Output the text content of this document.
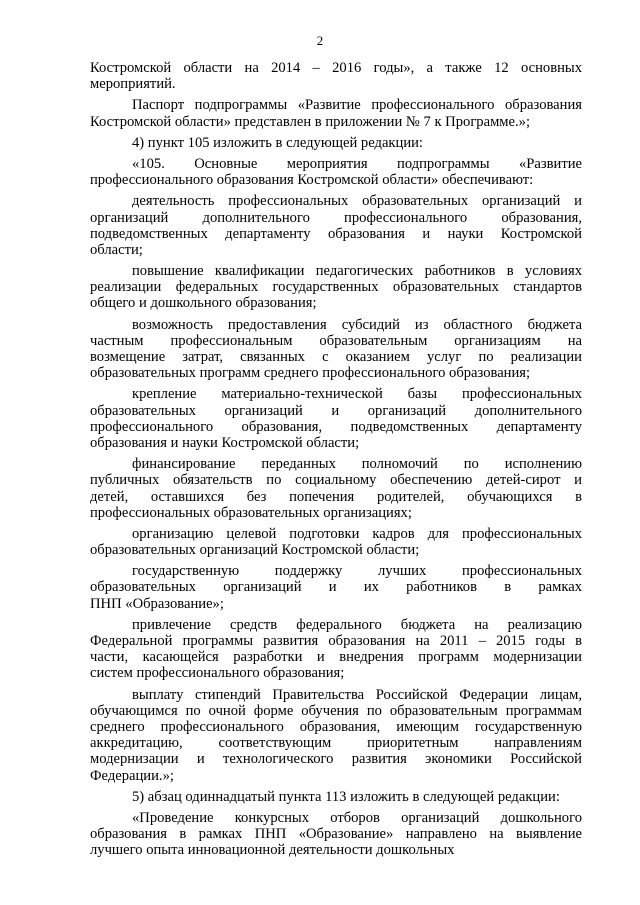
2
Костромской области на 2014 – 2016 годы», а также 12 основных
мероприятий.
Паспорт подпрограммы «Развитие профессионального образования
Костромской области» представлен в приложении № 7 к Программе.»;
4) пункт 105 изложить в следующей редакции:
«105. Основные мероприятия подпрограммы «Развитие
профессионального образования Костромской области» обеспечивают:
деятельность профессиональных образовательных организаций и
организаций дополнительного профессионального образования,
подведомственных департаменту образования и науки Костромской
области;
повышение квалификации педагогических работников в условиях
реализации федеральных государственных образовательных стандартов
общего и дошкольного образования;
возможность предоставления субсидий из областного бюджета
частным профессиональным образовательным организациям на
возмещение затрат, связанных с оказанием услуг по реализации
образовательных программ среднего профессионального образования;
крепление материально-технической базы профессиональных
образовательных организаций и организаций дополнительного
профессионального образования, подведомственных департаменту
образования и науки Костромской области;
финансирование переданных полномочий по исполнению
публичных обязательств по социальному обеспечению детей-сирот и
детей, оставшихся без попечения родителей, обучающихся в
профессиональных образовательных организациях;
организацию целевой подготовки кадров для профессиональных
образовательных организаций Костромской области;
государственную поддержку лучших профессиональных
образовательных организаций и их работников в рамках
ПНП «Образование»;
привлечение средств федерального бюджета на реализацию
Федеральной программы развития образования на 2011 – 2015 годы в
части, касающейся разработки и внедрения программ модернизации
систем профессионального образования;
выплату стипендий Правительства Российской Федерации лицам,
обучающимся по очной форме обучения по образовательным программам
среднего профессионального образования, имеющим государственную
аккредитацию, соответствующим приоритетным направлениям
модернизации и технологического развития экономики Российской
Федерации.»;
5) абзац одиннадцатый пункта 113 изложить в следующей редакции:
«Проведение конкурсных отборов организаций дошкольного
образования в рамках ПНП «Образование» направлено на выявление
лучшего опыта инновационной деятельности дошкольных
